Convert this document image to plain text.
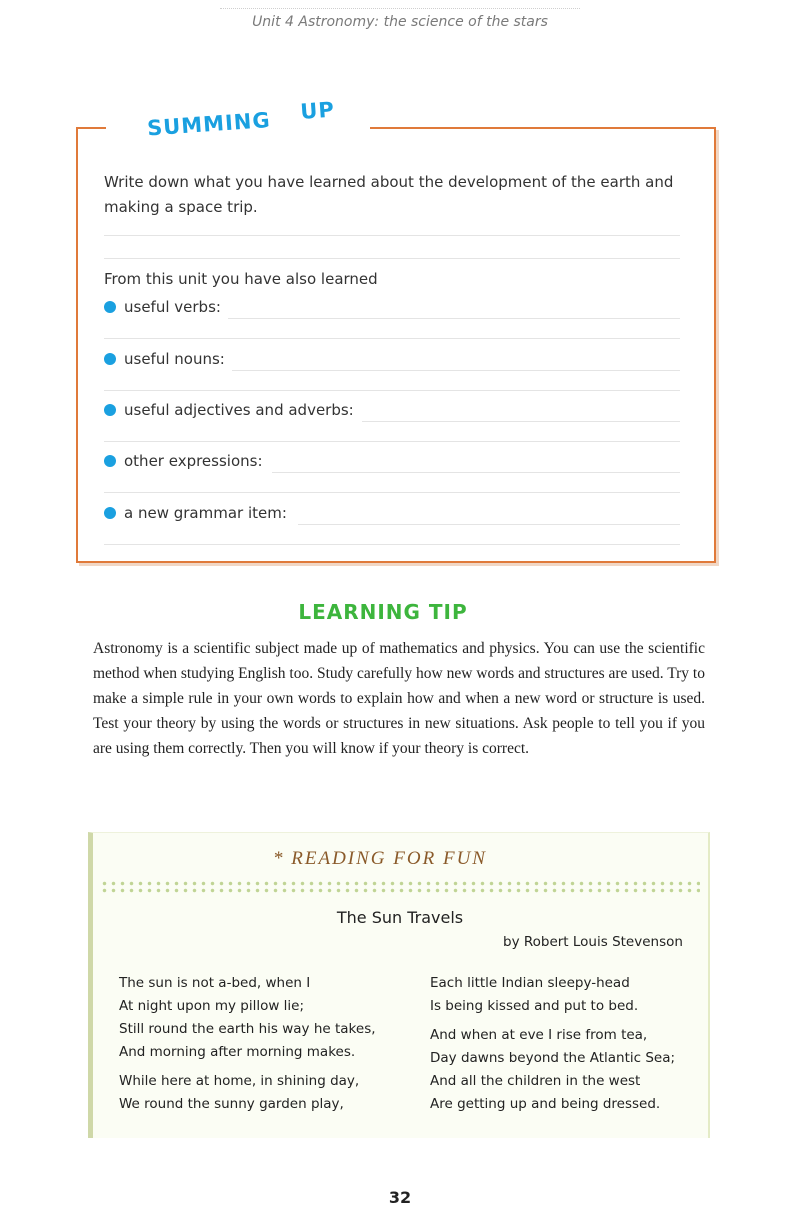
Unit 4 Astronomy: the science of the stars
SUMMING UP
Write down what you have learned about the development of the earth and making a space trip.
From this unit you have also learned
useful verbs:
useful nouns:
useful adjectives and adverbs:
other expressions:
a new grammar item:
LEARNING TIP
Astronomy is a scientific subject made up of mathematics and physics. You can use the scientific method when studying English too. Study carefully how new words and structures are used. Try to make a simple rule in your own words to explain how and when a new word or structure is used. Test your theory by using the words or structures in new situations. Ask people to tell you if you are using them correctly. Then you will know if your theory is correct.
* READING FOR FUN
The Sun Travels
by Robert Louis Stevenson
The sun is not a-bed, when I
At night upon my pillow lie;
Still round the earth his way he takes,
And morning after morning makes.
While here at home, in shining day,
We round the sunny garden play,
Each little Indian sleepy-head
Is being kissed and put to bed.
And when at eve I rise from tea,
Day dawns beyond the Atlantic Sea;
And all the children in the west
Are getting up and being dressed.
32
